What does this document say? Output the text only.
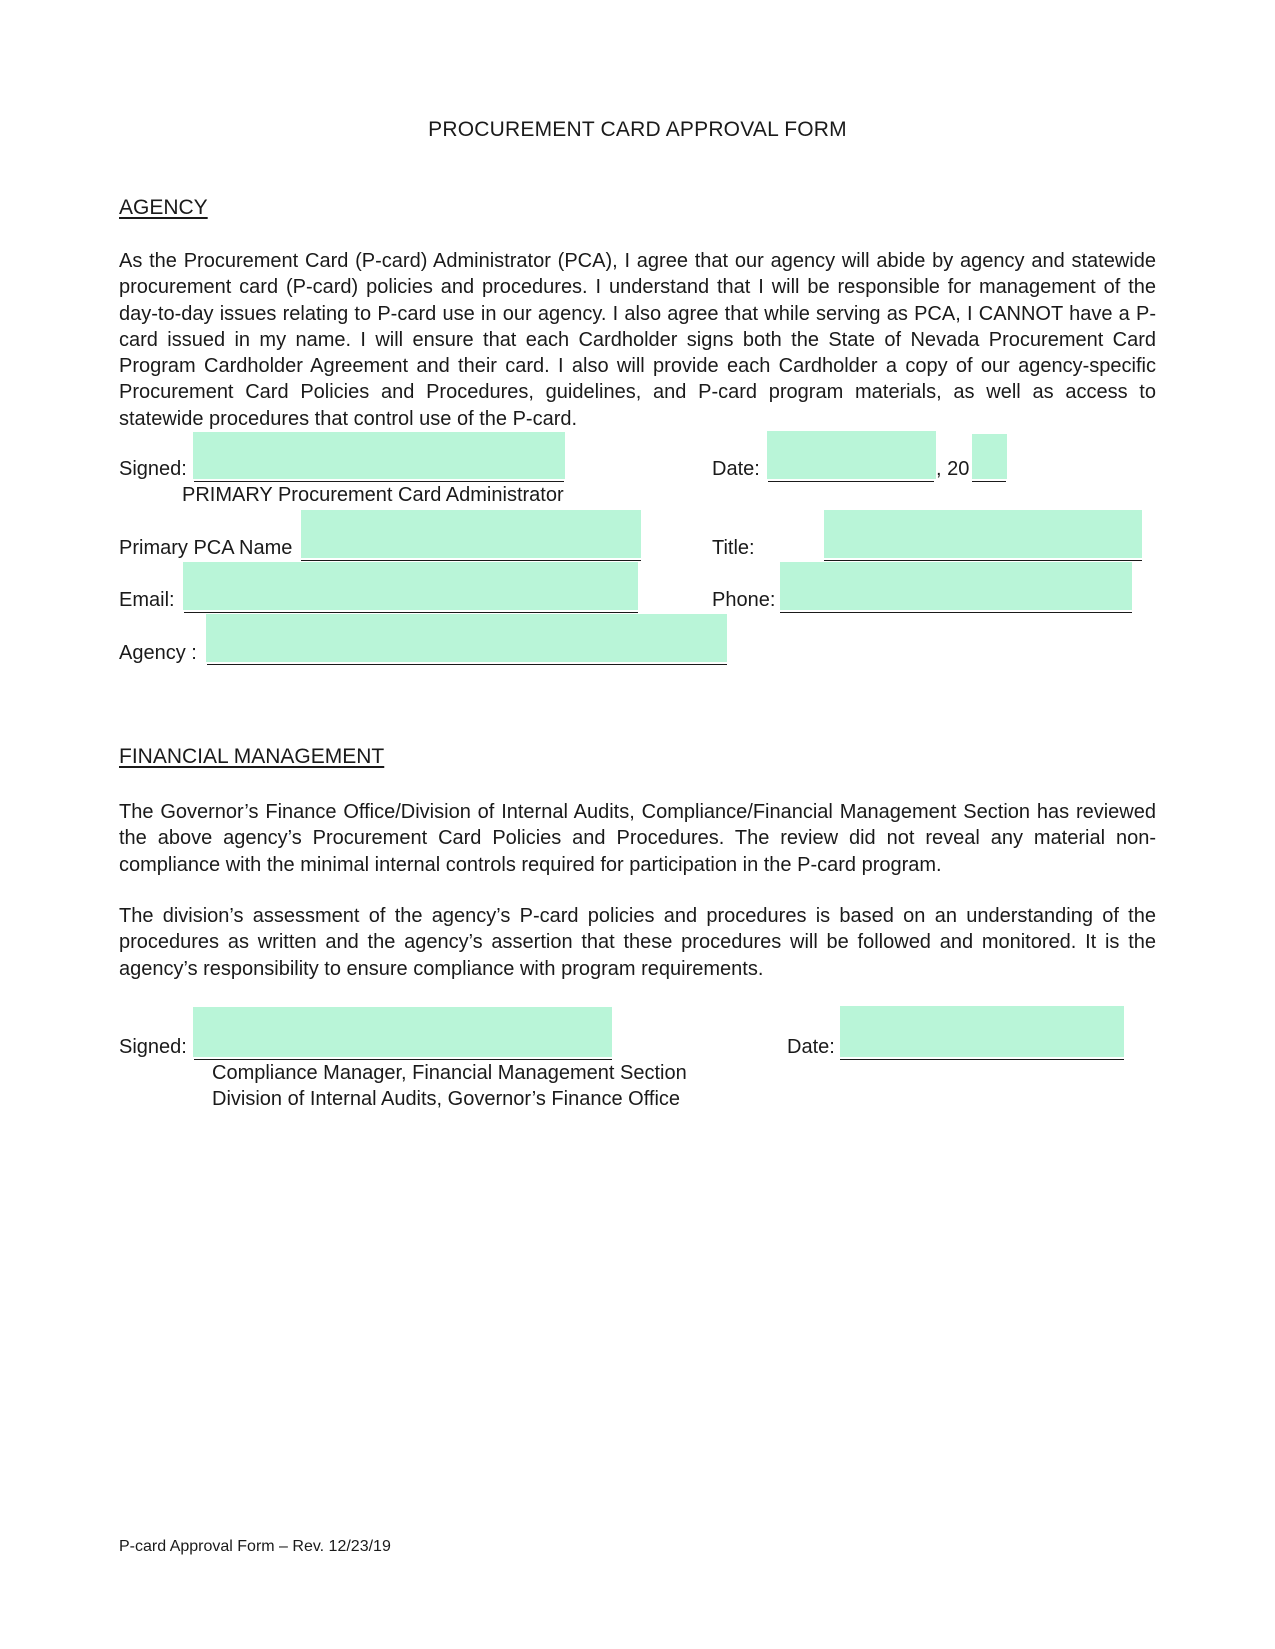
PROCUREMENT CARD APPROVAL FORM
AGENCY
As the Procurement Card (P-card) Administrator (PCA), I agree that our agency will abide by agency and statewide procurement card (P-card) policies and procedures. I understand that I will be responsible for management of the day-to-day issues relating to P-card use in our agency. I also agree that while serving as PCA, I CANNOT have a P-card issued in my name. I will ensure that each Cardholder signs both the State of Nevada Procurement Card Program Cardholder Agreement and their card. I also will provide each Cardholder a copy of our agency-specific Procurement Card Policies and Procedures, guidelines, and P-card program materials, as well as access to statewide procedures that control use of the P-card.
Signed:
PRIMARY Procurement Card Administrator
Date:	, 20
Primary PCA Name	Title:
Email:	Phone:
Agency :
FINANCIAL MANAGEMENT
The Governor’s Finance Office/Division of Internal Audits, Compliance/Financial Management Section has reviewed the above agency’s Procurement Card Policies and Procedures. The review did not reveal any material non-compliance with the minimal internal controls required for participation in the P-card program.
The division’s assessment of the agency’s P-card policies and procedures is based on an understanding of the procedures as written and the agency’s assertion that these procedures will be followed and monitored. It is the agency’s responsibility to ensure compliance with program requirements.
Signed:
Compliance Manager, Financial Management Section
Division of Internal Audits, Governor’s Finance Office
Date:
P-card Approval Form – Rev. 12/23/19
